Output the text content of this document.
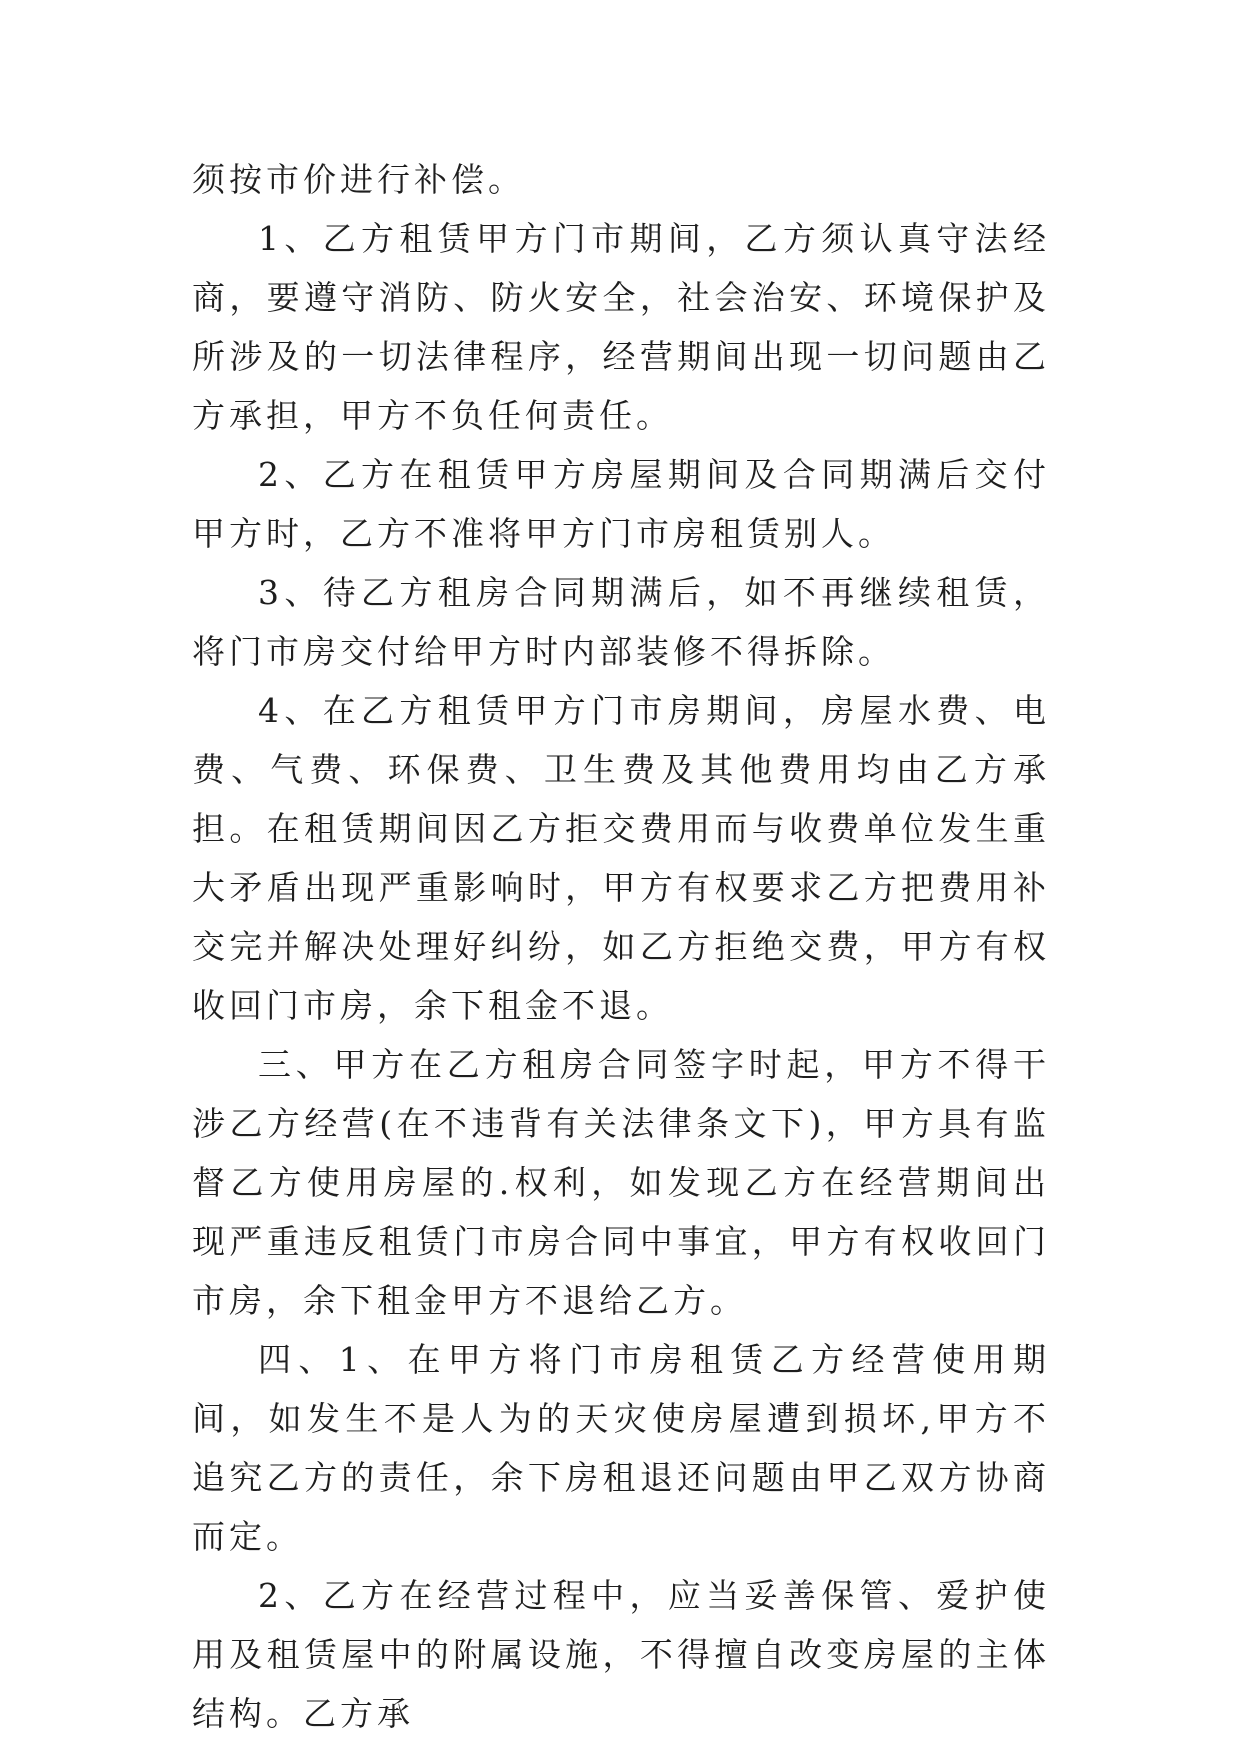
须按市价进行补偿。

1、乙方租赁甲方门市期间，乙方须认真守法经商，要遵守消防、防火安全，社会治安、环境保护及所涉及的一切法律程序，经营期间出现一切问题由乙方承担，甲方不负任何责任。

2、乙方在租赁甲方房屋期间及合同期满后交付甲方时，乙方不准将甲方门市房租赁别人。

3、待乙方租房合同期满后，如不再继续租赁，将门市房交付给甲方时内部装修不得拆除。

4、在乙方租赁甲方门市房期间，房屋水费、电费、气费、环保费、卫生费及其他费用均由乙方承担。在租赁期间因乙方拒交费用而与收费单位发生重大矛盾出现严重影响时，甲方有权要求乙方把费用补交完并解决处理好纠纷，如乙方拒绝交费，甲方有权收回门市房，余下租金不退。

三、甲方在乙方租房合同签字时起，甲方不得干涉乙方经营(在不违背有关法律条文下)，甲方具有监督乙方使用房屋的.权利，如发现乙方在经营期间出现严重违反租赁门市房合同中事宜，甲方有权收回门市房，余下租金甲方不退给乙方。

四、1、在甲方将门市房租赁乙方经营使用期间，如发生不是人为的天灾使房屋遭到损坏,甲方不追究乙方的责任，余下房租退还问题由甲乙双方协商而定。

2、乙方在经营过程中，应当妥善保管、爱护使用及租赁屋中的附属设施，不得擅自改变房屋的主体结构。乙方承
